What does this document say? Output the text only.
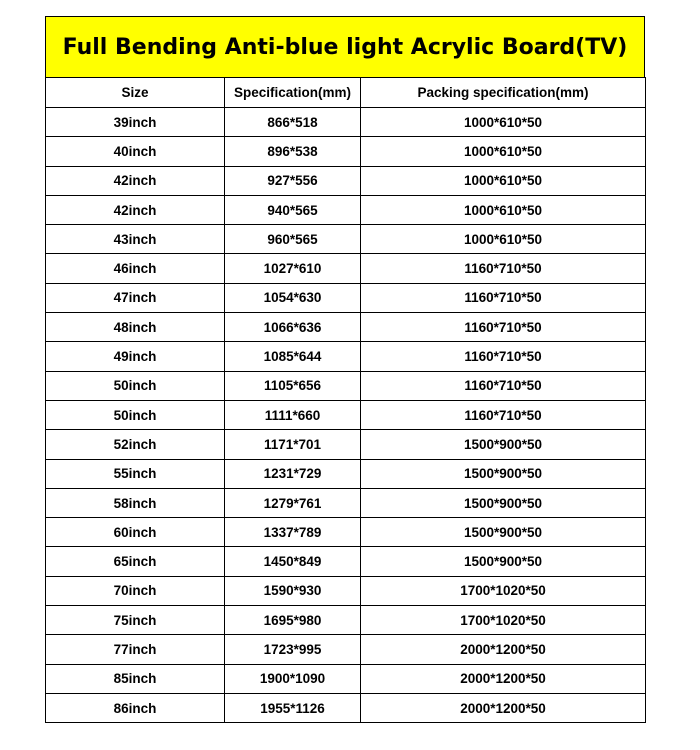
Full Bending Anti-blue light Acrylic Board(TV)
Size	Specification(mm)	Packing specification(mm)
39inch	866*518	1000*610*50
40inch	896*538	1000*610*50
42inch	927*556	1000*610*50
42inch	940*565	1000*610*50
43inch	960*565	1000*610*50
46inch	1027*610	1160*710*50
47inch	1054*630	1160*710*50
48inch	1066*636	1160*710*50
49inch	1085*644	1160*710*50
50inch	1105*656	1160*710*50
50inch	1111*660	1160*710*50
52inch	1171*701	1500*900*50
55inch	1231*729	1500*900*50
58inch	1279*761	1500*900*50
60inch	1337*789	1500*900*50
65inch	1450*849	1500*900*50
70inch	1590*930	1700*1020*50
75inch	1695*980	1700*1020*50
77inch	1723*995	2000*1200*50
85inch	1900*1090	2000*1200*50
86inch	1955*1126	2000*1200*50
